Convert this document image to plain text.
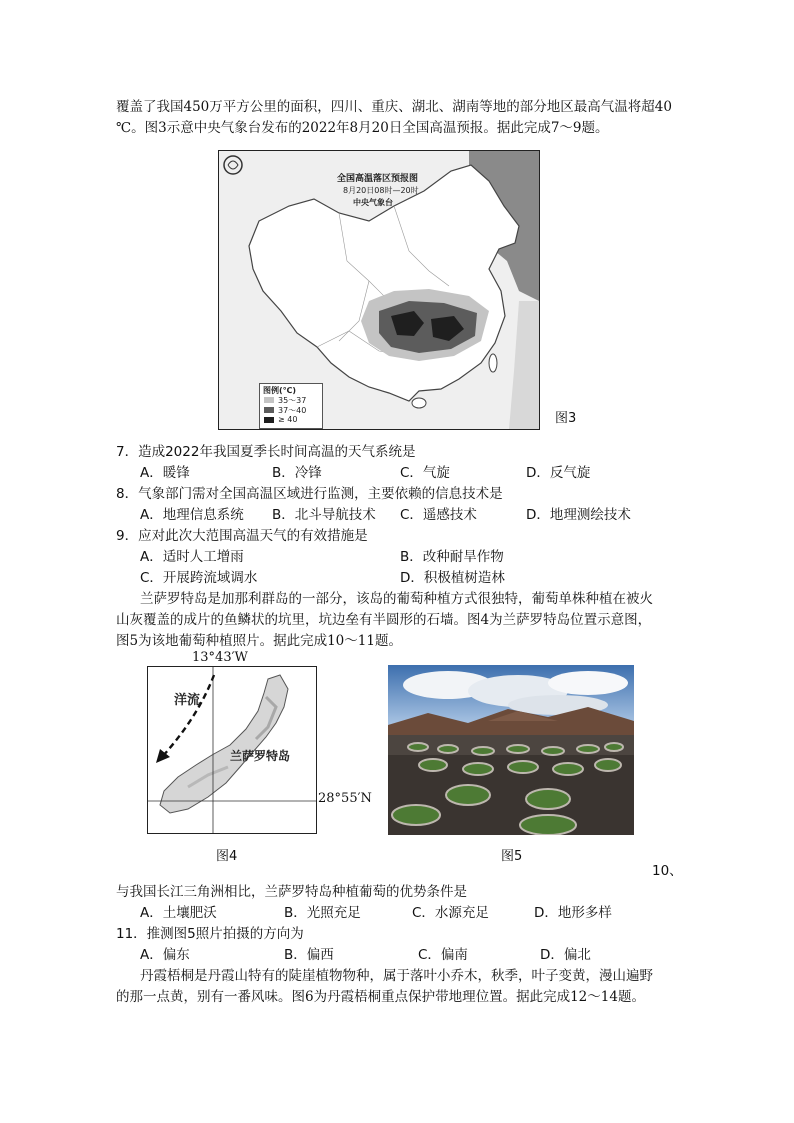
覆盖了我国450万平方公里的面积，四川、重庆、湖北、湖南等地的部分地区最高气温将超40
℃。图3示意中央气象台发布的2022年8月20日全国高温预报。据此完成7～9题。
全国高温落区预报图
8月20日08时—20时
中央气象台
图例(℃)
35～37
37～40
≥ 40	图3
7．造成2022年我国夏季长时间高温的天气系统是
A．暖锋	B．冷锋	C．气旋	D．反气旋
8．气象部门需对全国高温区域进行监测，主要依赖的信息技术是
A．地理信息系统 B．北斗导航技术 C．遥感技术	D．地理测绘技术
9．应对此次大范围高温天气的有效措施是
A．适时人工增雨	B．改种耐旱作物
C．开展跨流域调水	D．积极植树造林
兰萨罗特岛是加那利群岛的一部分，该岛的葡萄种植方式很独特，葡萄单株种植在被火
山灰覆盖的成片的鱼鳞状的坑里，坑边垒有半圆形的石墙。图4为兰萨罗特岛位置示意图，
图5为该地葡萄种植照片。据此完成10～11题。
13°43′W
洋流
兰萨罗特岛
28°55′N
图4	图5
10、
与我国长江三角洲相比，兰萨罗特岛种植葡萄的优势条件是
A．土壤肥沃	B．光照充足	C．水源充足	D．地形多样
11．推测图5照片拍摄的方向为
A．偏东	B．偏西	C．偏南	D．偏北
丹霞梧桐是丹霞山特有的陡崖植物物种，属于落叶小乔木，秋季，叶子变黄，漫山遍野
的那一点黄，别有一番风味。图6为丹霞梧桐重点保护带地理位置。据此完成12～14题。
